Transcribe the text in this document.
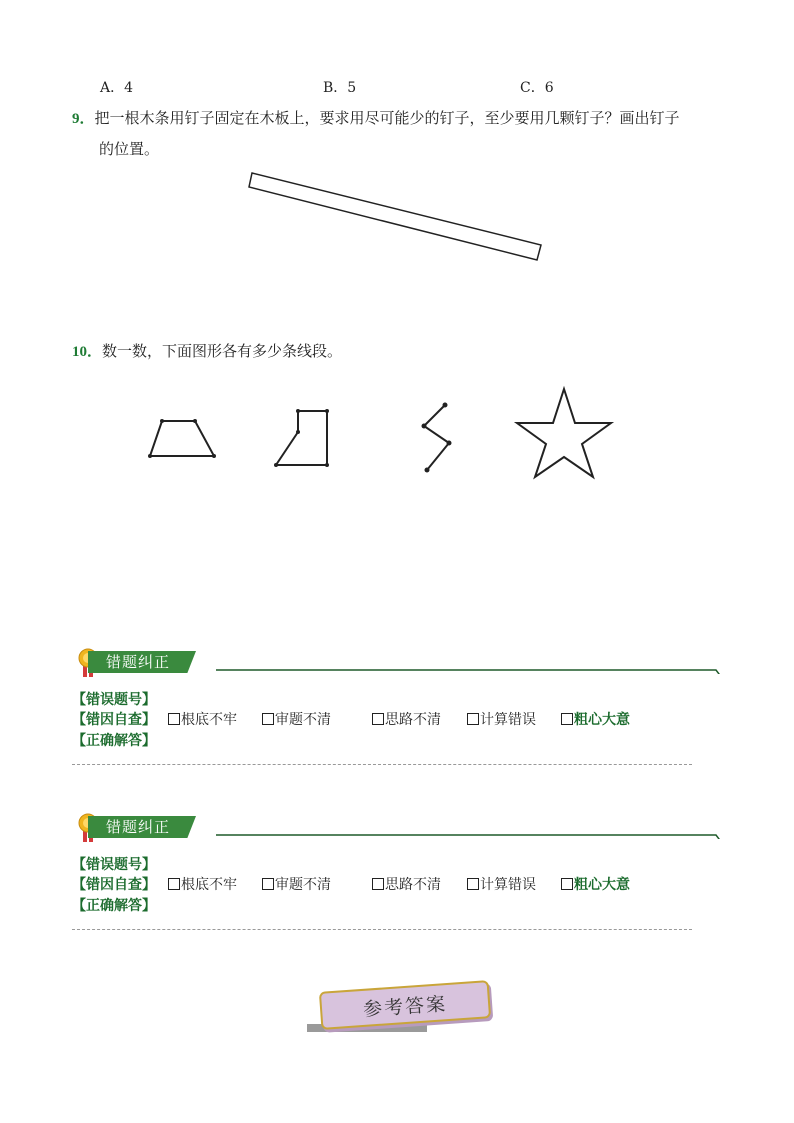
A．4	B．5	C．6
9．把一根木条用钉子固定在木板上，要求用尽可能少的钉子，至少要用几颗钉子？画出钉子
的位置。
10．数一数，下面图形各有多少条线段。
错题纠正
【错误题号】
【错因自查】	根底不牢	审题不清	思路不清	计算错误	粗心大意
【正确解答】
错题纠正
【错误题号】
【错因自查】	根底不牢	审题不清	思路不清	计算错误	粗心大意
【正确解答】
参考答案
